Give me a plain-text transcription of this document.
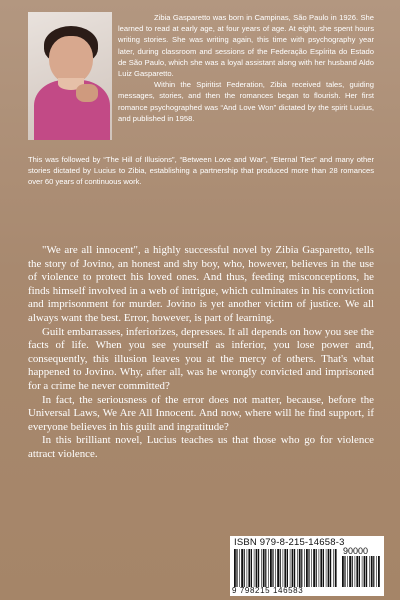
Zibia Gasparetto was born in Campinas, São Paulo in 1926. She learned to read at early age, at four years of age. At eight, she spent hours writing stories. She was writing again, this time with psychography year later, during classroom and sessions of the Federação Espírita do Estado de São Paulo, which she was a loyal assistant along with her husband Aldo Luiz Gasparetto.

Within the Spiritist Federation, Zibia received tales, guiding messages, stories, and then the romances began to flourish. Her first romance psychographed was “And Love Won” dictated by the spirit Lucius, and published in 1958.

This was followed by “The Hill of Illusions”, “Between Love and War”, “Eternal Ties” and many other stories dictated by Lucius to Zibia, establishing a partnership that produced more than 28 romances over 60 years of continuous work.

"We are all innocent", a highly successful novel by Zibia Gasparetto, tells the story of Jovino, an honest and shy boy, who, however, believes in the use of violence to protect his loved ones. And thus, feeding misconceptions, he finds himself involved in a web of intrigue, which culminates in his conviction and imprisonment for murder. Jovino is yet another victim of justice. We all always want the best. Error, however, is part of learning.

Guilt embarrasses, inferiorizes, depresses. It all depends on how you see the facts of life. When you see yourself as inferior, you lose power and, consequently, this illusion leaves you at the mercy of others. That's what happened to Jovino. Why, after all, was he wrongly convicted and imprisoned for a crime he never committed?

In fact, the seriousness of the error does not matter, because, before the Universal Laws, We Are All Innocent. And now, where will he find support, if everyone believes in his guilt and ingratitude?

In this brilliant novel, Lucius teaches us that those who go for violence attract violence.

ISBN 979-8-215-14658-3
90000
9 798215 146583
